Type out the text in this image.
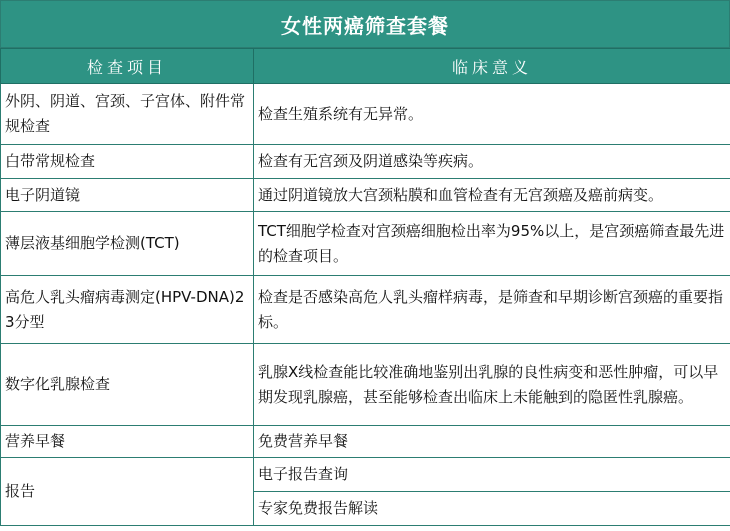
女性两癌筛查套餐
检查项目	临床意义
外阴、阴道、宫颈、子宫体、附件常规检查	检查生殖系统有无异常。
白带常规检查	检查有无宫颈及阴道感染等疾病。
电子阴道镜	通过阴道镜放大宫颈粘膜和血管检查有无宫颈癌及癌前病变。
薄层液基细胞学检测(TCT)	TCT细胞学检查对宫颈癌细胞检出率为95%以上，是宫颈癌筛查最先进的检查项目。
高危人乳头瘤病毒测定(HPV-DNA)23分型	检查是否感染高危人乳头瘤样病毒，是筛查和早期诊断宫颈癌的重要指标。
数字化乳腺检查	乳腺X线检查能比较准确地鉴别出乳腺的良性病变和恶性肿瘤，可以早期发现乳腺癌，甚至能够检查出临床上未能触到的隐匿性乳腺癌。
营养早餐	免费营养早餐
报告	电子报告查询
	专家免费报告解读
